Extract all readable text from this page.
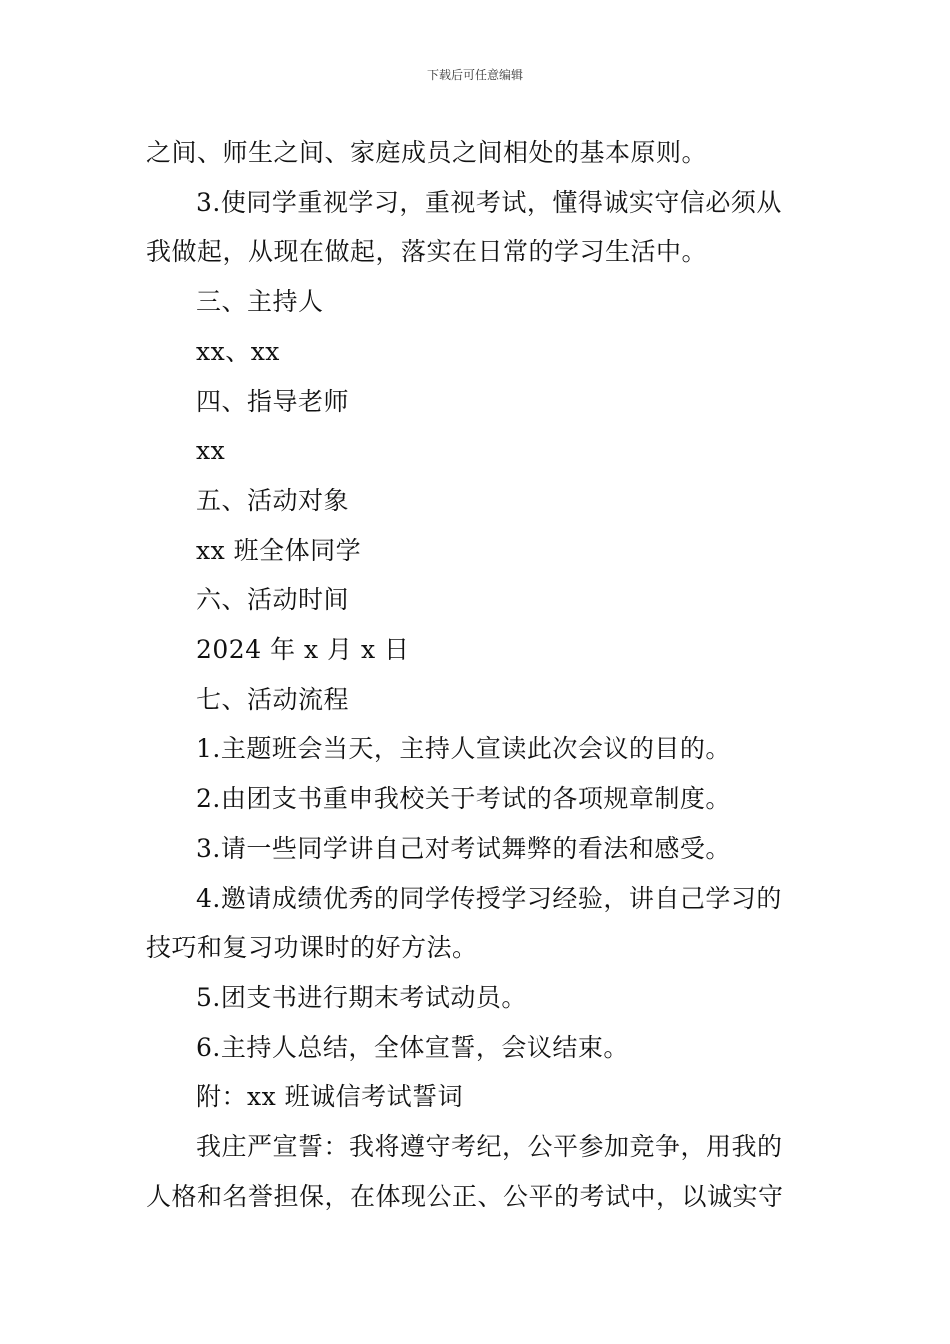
下载后可任意编辑
之间、师生之间、家庭成员之间相处的基本原则。
3.使同学重视学习，重视考试，懂得诚实守信必须从
我做起，从现在做起，落实在日常的学习生活中。
三、主持人
xx、xx
四、指导老师
xx
五、活动对象
xx 班全体同学
六、活动时间
2024 年 x 月 x 日
七、活动流程
1.主题班会当天，主持人宣读此次会议的目的。
2.由团支书重申我校关于考试的各项规章制度。
3.请一些同学讲自己对考试舞弊的看法和感受。
4.邀请成绩优秀的同学传授学习经验，讲自己学习的
技巧和复习功课时的好方法。
5.团支书进行期末考试动员。
6.主持人总结，全体宣誓，会议结束。
附：xx 班诚信考试誓词
我庄严宣誓：我将遵守考纪，公平参加竞争，用我的
人格和名誉担保，在体现公正、公平的考试中，以诚实守
